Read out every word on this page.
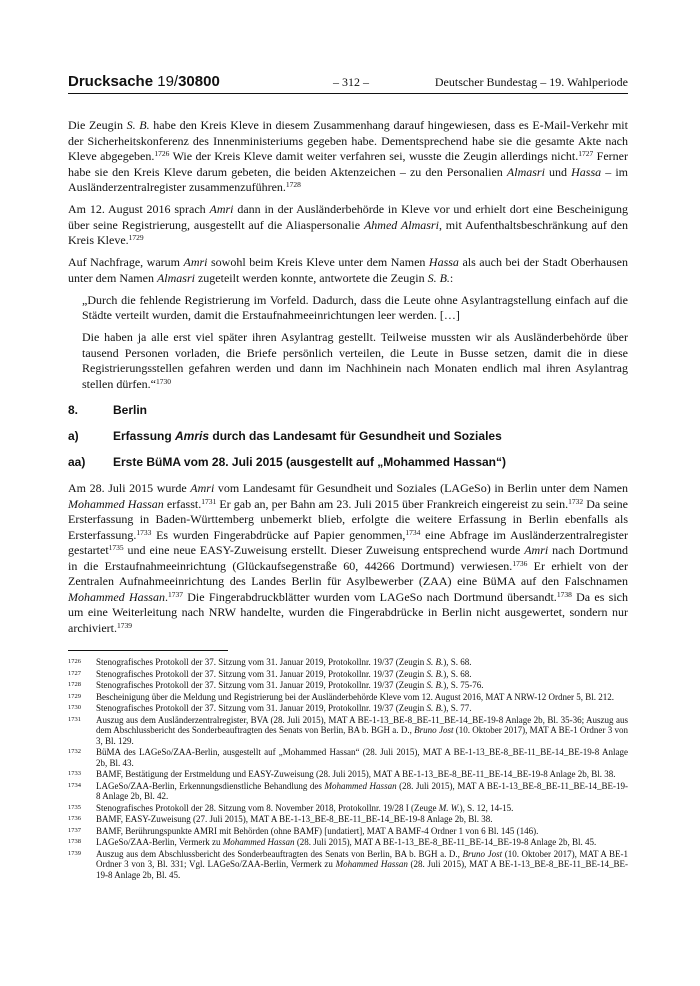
Drucksache 19/30800	– 312 –	Deutscher Bundestag – 19. Wahlperiode

Die Zeugin S. B. habe den Kreis Kleve in diesem Zusammenhang darauf hingewiesen, dass es E-Mail-Verkehr mit der Sicherheitskonferenz des Innenministeriums gegeben habe. Dementsprechend habe sie die gesamte Akte nach Kleve abgegeben.$^{1726}$ Wie der Kreis Kleve damit weiter verfahren sei, wusste die Zeugin allerdings nicht.$^{1727}$ Ferner habe sie den Kreis Kleve darum gebeten, die beiden Aktenzeichen – zu den Personalien Almasri und Hassa – im Ausländerzentralregister zusammenzuführen.$^{1728}$

Am 12. August 2016 sprach Amri dann in der Ausländerbehörde in Kleve vor und erhielt dort eine Bescheinigung über seine Registrierung, ausgestellt auf die Aliaspersonalie Ahmed Almasri, mit Aufenthaltsbeschränkung auf den Kreis Kleve.$^{1729}$

Auf Nachfrage, warum Amri sowohl beim Kreis Kleve unter dem Namen Hassa als auch bei der Stadt Oberhausen unter dem Namen Almasri zugeteilt werden konnte, antwortete die Zeugin S. B.:

„Durch die fehlende Registrierung im Vorfeld. Dadurch, dass die Leute ohne Asylantragstellung einfach auf die Städte verteilt wurden, damit die Erstaufnahmeeinrichtungen leer werden. […]

Die haben ja alle erst viel später ihren Asylantrag gestellt. Teilweise mussten wir als Ausländerbehörde über tausend Personen vorladen, die Briefe persönlich verteilen, die Leute in Busse setzen, damit die in diese Registrierungsstellen gefahren werden und dann im Nachhinein nach Monaten endlich mal ihren Asylantrag stellen dürfen.“$^{1730}$

8.	Berlin
a)	Erfassung Amris durch das Landesamt für Gesundheit und Soziales
aa) Erste BüMA vom 28. Juli 2015 (ausgestellt auf „Mohammed Hassan“)

Am 28. Juli 2015 wurde Amri vom Landesamt für Gesundheit und Soziales (LAGeSo) in Berlin unter dem Namen Mohammed Hassan erfasst.$^{1731}$ Er gab an, per Bahn am 23. Juli 2015 über Frankreich eingereist zu sein.$^{1732}$ Da seine Ersterfassung in Baden-Württemberg unbemerkt blieb, erfolgte die weitere Erfassung in Berlin ebenfalls als Ersterfassung.$^{1733}$ Es wurden Fingerabdrücke auf Papier genommen,$^{1734}$ eine Abfrage im Ausländerzentralregister gestartet$^{1735}$ und eine neue EASY-Zuweisung erstellt. Dieser Zuweisung entsprechend wurde Amri nach Dortmund in die Erstaufnahmeeinrichtung (Glückaufsegenstraße 60, 44266 Dortmund) verwiesen.$^{1736}$ Er erhielt von der Zentralen Aufnahmeeinrichtung des Landes Berlin für Asylbewerber (ZAA) eine BüMA auf den Falschnamen Mohammed Hassan.$^{1737}$ Die Fingerabdruckblätter wurden vom LAGeSo nach Dortmund übersandt.$^{1738}$ Da es sich um eine Weiterleitung nach NRW handelte, wurden die Fingerabdrücke in Berlin nicht ausgewertet, sondern nur archiviert.$^{1739}$

1726	Stenografisches Protokoll der 37. Sitzung vom 31. Januar 2019, Protokollnr. 19/37 (Zeugin S. B.), S. 68.
1727	Stenografisches Protokoll der 37. Sitzung vom 31. Januar 2019, Protokollnr. 19/37 (Zeugin S. B.), S. 68.
1728	Stenografisches Protokoll der 37. Sitzung vom 31. Januar 2019, Protokollnr. 19/37 (Zeugin S. B.), S. 75-76.
1729	Bescheinigung über die Meldung und Registrierung bei der Ausländerbehörde Kleve vom 12. August 2016, MAT A NRW-12 Ordner 5, Bl. 212.
1730	Stenografisches Protokoll der 37. Sitzung vom 31. Januar 2019, Protokollnr. 19/37 (Zeugin S. B.), S. 77.
1731	Auszug aus dem Ausländerzentralregister, BVA (28. Juli 2015), MAT A BE-1-13_BE-8_BE-11_BE-14_BE-19-8 Anlage 2b, Bl. 35-36; Auszug aus dem Abschlussbericht des Sonderbeauftragten des Senats von Berlin, BA b. BGH a. D., Bruno Jost (10. Oktober 2017), MAT A BE-1 Ordner 3 von 3, Bl. 129.
1732	BüMA des LAGeSo/ZAA-Berlin, ausgestellt auf „Mohammed Hassan“ (28. Juli 2015), MAT A BE-1-13_BE-8_BE-11_BE-14_BE-19-8 Anlage 2b, Bl. 43.
1733	BAMF, Bestätigung der Erstmeldung und EASY-Zuweisung (28. Juli 2015), MAT A BE-1-13_BE-8_BE-11_BE-14_BE-19-8 Anlage 2b, Bl. 38.
1734	LAGeSo/ZAA-Berlin, Erkennungsdienstliche Behandlung des Mohammed Hassan (28. Juli 2015), MAT A BE-1-13_BE-8_BE-11_BE-14_BE-19-8 Anlage 2b, Bl. 42.
1735	Stenografisches Protokoll der 28. Sitzung vom 8. November 2018, Protokollnr. 19/28 I (Zeuge M. W.), S. 12, 14-15.
1736	BAMF, EASY-Zuweisung (27. Juli 2015), MAT A BE-1-13_BE-8_BE-11_BE-14_BE-19-8 Anlage 2b, Bl. 38.
1737	BAMF, Berührungspunkte AMRI mit Behörden (ohne BAMF) [undatiert], MAT A BAMF-4 Ordner 1 von 6 Bl. 145 (146).
1738	LAGeSo/ZAA-Berlin, Vermerk zu Mohammed Hassan (28. Juli 2015), MAT A BE-1-13_BE-8_BE-11_BE-14_BE-19-8 Anlage 2b, Bl. 45.
1739	Auszug aus dem Abschlussbericht des Sonderbeauftragten des Senats von Berlin, BA b. BGH a. D., Bruno Jost (10. Oktober 2017), MAT A BE-1 Ordner 3 von 3, Bl. 331; Vgl. LAGeSo/ZAA-Berlin, Vermerk zu Mohammed Hassan (28. Juli 2015), MAT A BE-1-13_BE-8_BE-11_BE-14_BE-19-8 Anlage 2b, Bl. 45.
